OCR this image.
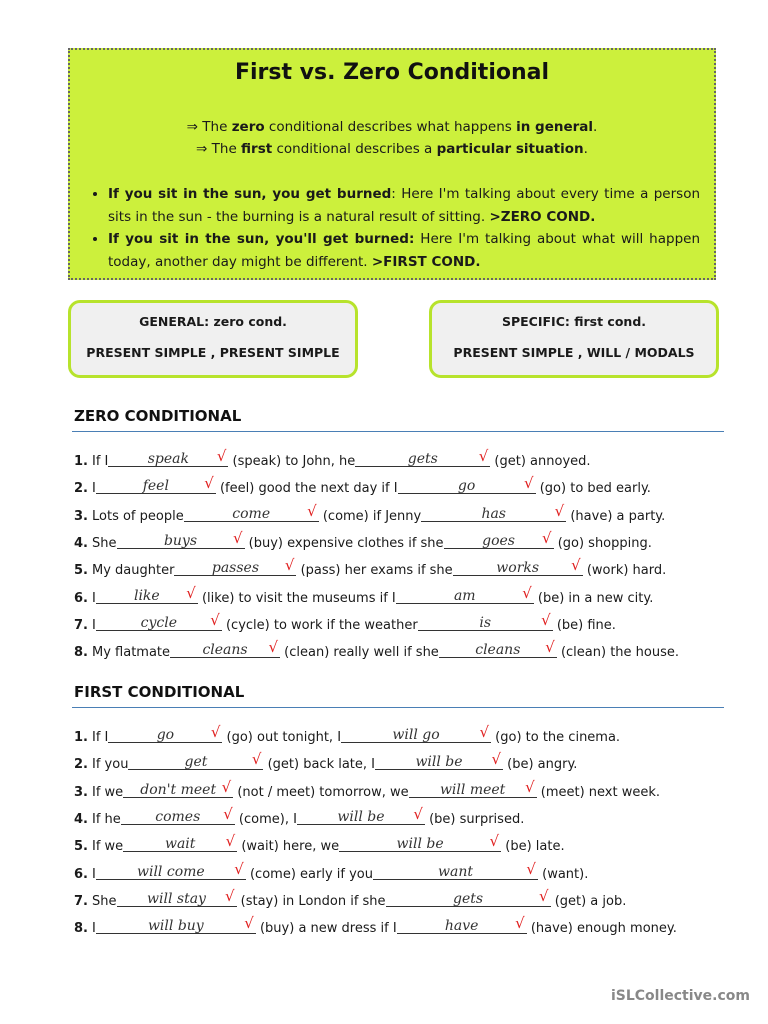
First vs. Zero Conditional
⇒ The zero conditional describes what happens in general.
⇒ The first conditional describes a particular situation.
• If you sit in the sun, you get burned: Here I'm talking about every time a person sits in the sun - the burning is a natural result of sitting. >ZERO COND.
• If you sit in the sun, you'll get burned: Here I'm talking about what will happen today, another day might be different. >FIRST COND.
GENERAL: zero cond.
PRESENT SIMPLE , PRESENT SIMPLE
SPECIFIC: first cond.
PRESENT SIMPLE , WILL / MODALS
ZERO CONDITIONAL
1. If I	speak	√ (speak) to John, he	gets	√ (get) annoyed.
2. I	feel	√ (feel) good the next day if I	go	√ (go) to bed early.
3. Lots of people	come	√ (come) if Jenny	has	√ (have) a party.
4. She	buys	√ (buy) expensive clothes if she	goes	√ (go) shopping.
5. My daughter	passes	√ (pass) her exams if she	works	√ (work) hard.
6. I	like	√ (like) to visit the museums if I	am	√ (be) in a new city.
7. I	cycle	√ (cycle) to work if the weather	is	√ (be) fine.
8. My flatmate	cleans	√ (clean) really well if she	cleans	√ (clean) the house.
FIRST CONDITIONAL
1. If I	go	√ (go) out tonight, I	will go	√ (go) to the cinema.
2. If you	get	√ (get) back late, I	will be	√ (be) angry.
3. If we	don't meet √ (not / meet) tomorrow, we	will meet	√ (meet) next week.
4. If he	comes	√ (come), I	will be	√ (be) surprised.
5. If we	wait	√ (wait) here, we	will be	√ (be) late.
6. I	will come	√ (come) early if you	want	√ (want).
7. She	will stay	√ (stay) in London if she	gets	√ (get) a job.
8. I	will buy	√ (buy) a new dress if I	have	√ (have) enough money.
iSLCollective.com
